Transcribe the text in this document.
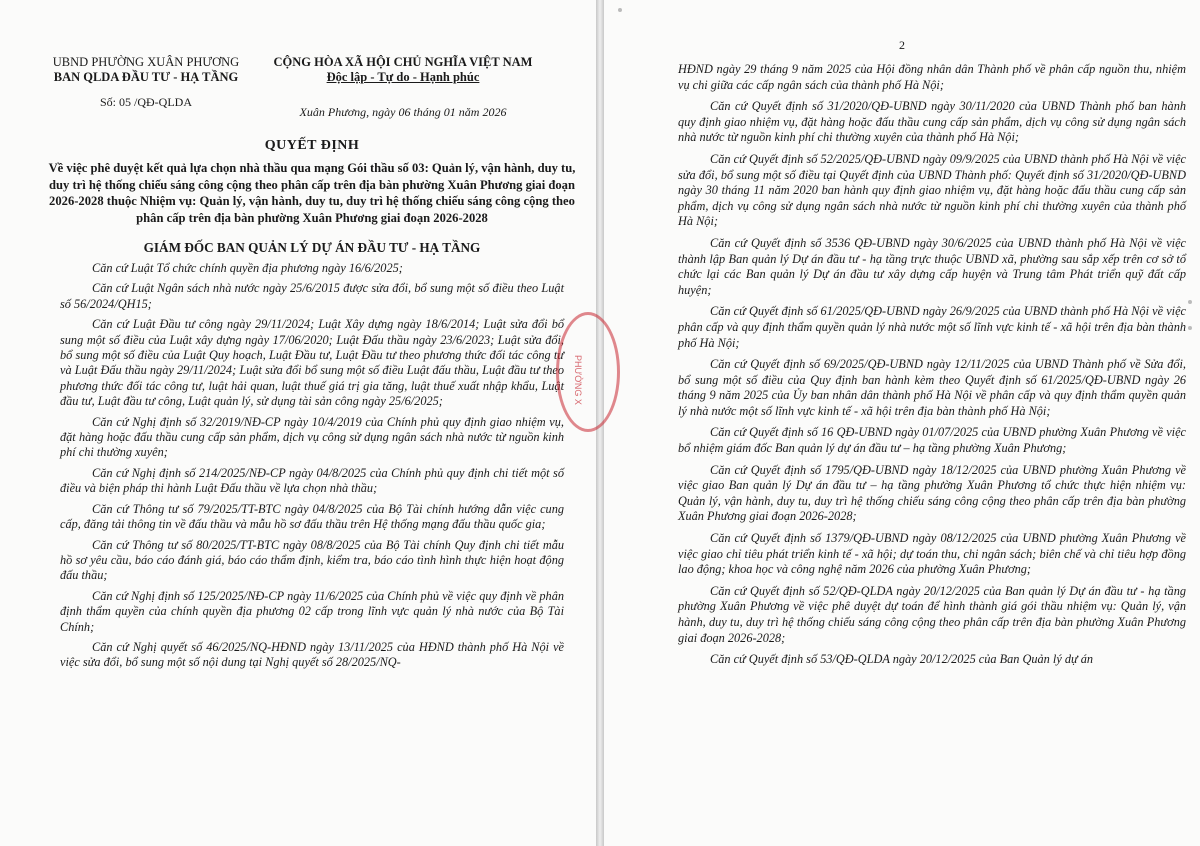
UBND PHƯỜNG XUÂN PHƯƠNG
BAN QLDA ĐẦU TƯ - HẠ TẦNG
Số: 05 /QĐ-QLDA
CỘNG HÒA XÃ HỘI CHỦ NGHĨA VIỆT NAM
Độc lập - Tự do - Hạnh phúc
Xuân Phương, ngày 06 tháng 01 năm 2026
QUYẾT ĐỊNH
Về việc phê duyệt kết quả lựa chọn nhà thầu qua mạng Gói thầu số 03: Quản lý, vận hành, duy tu, duy trì hệ thống chiếu sáng công cộng theo phân cấp trên địa bàn phường Xuân Phương giai đoạn 2026-2028 thuộc Nhiệm vụ: Quản lý, vận hành, duy tu, duy trì hệ thống chiếu sáng công cộng theo phân cấp trên địa bàn phường Xuân Phương giai đoạn 2026-2028
GIÁM ĐỐC BAN QUẢN LÝ DỰ ÁN ĐẦU TƯ - HẠ TẦNG

Căn cứ Luật Tổ chức chính quyền địa phương ngày 16/6/2025;

Căn cứ Luật Ngân sách nhà nước ngày 25/6/2015 được sửa đổi, bổ sung một số điều theo Luật số 56/2024/QH15;

Căn cứ Luật Đầu tư công ngày 29/11/2024; Luật Xây dựng ngày 18/6/2014; Luật sửa đổi bổ sung một số điều của Luật xây dựng ngày 17/06/2020; Luật Đấu thầu ngày 23/6/2023; Luật sửa đổi, bổ sung một số điều của Luật Quy hoạch, Luật Đầu tư, Luật Đầu tư theo phương thức đối tác công tư và Luật Đấu thầu ngày 29/11/2024; Luật sửa đổi bổ sung một số điều Luật đấu thầu, Luật đầu tư theo phương thức đối tác công tư, luật hải quan, luật thuế giá trị gia tăng, luật thuế xuất nhập khẩu, Luật đầu tư, Luật đầu tư công, Luật quản lý, sử dụng tài sản công ngày 25/6/2025;

Căn cứ Nghị định số 32/2019/NĐ-CP ngày 10/4/2019 của Chính phủ quy định giao nhiệm vụ, đặt hàng hoặc đấu thầu cung cấp sản phẩm, dịch vụ công sử dụng ngân sách nhà nước từ nguồn kinh phí chi thường xuyên;

Căn cứ Nghị định số 214/2025/NĐ-CP ngày 04/8/2025 của Chính phủ quy định chi tiết một số điều và biện pháp thi hành Luật Đấu thầu về lựa chọn nhà thầu;

Căn cứ Thông tư số 79/2025/TT-BTC ngày 04/8/2025 của Bộ Tài chính hướng dẫn việc cung cấp, đăng tải thông tin về đấu thầu và mẫu hồ sơ đấu thầu trên Hệ thống mạng đấu thầu quốc gia;

Căn cứ Thông tư số 80/2025/TT-BTC ngày 08/8/2025 của Bộ Tài chính Quy định chi tiết mẫu hồ sơ yêu cầu, báo cáo đánh giá, báo cáo thẩm định, kiểm tra, báo cáo tình hình thực hiện hoạt động đấu thầu;

Căn cứ Nghị định số 125/2025/NĐ-CP ngày 11/6/2025 của Chính phủ về việc quy định về phân định thẩm quyền của chính quyền địa phương 02 cấp trong lĩnh vực quản lý nhà nước của Bộ Tài Chính;

Căn cứ Nghị quyết số 46/2025/NQ-HĐND ngày 13/11/2025 của HĐND thành phố Hà Nội về việc sửa đổi, bổ sung một số nội dung tại Nghị quyết số 28/2025/NQ-

2

HĐND ngày 29 tháng 9 năm 2025 của Hội đồng nhân dân Thành phố về phân cấp nguồn thu, nhiệm vụ chi giữa các cấp ngân sách của thành phố Hà Nội;

Căn cứ Quyết định số 31/2020/QĐ-UBND ngày 30/11/2020 của UBND Thành phố ban hành quy định giao nhiệm vụ, đặt hàng hoặc đấu thầu cung cấp sản phẩm, dịch vụ công sử dụng ngân sách nhà nước từ nguồn kinh phí chi thường xuyên của thành phố Hà Nội;

Căn cứ Quyết định số 52/2025/QĐ-UBND ngày 09/9/2025 của UBND thành phố Hà Nội về việc sửa đổi, bổ sung một số điều tại Quyết định của UBND Thành phố: Quyết định số 31/2020/QĐ-UBND ngày 30 tháng 11 năm 2020 ban hành quy định giao nhiệm vụ, đặt hàng hoặc đấu thầu cung cấp sản phẩm, dịch vụ công sử dụng ngân sách nhà nước từ nguồn kinh phí chi thường xuyên của thành phố Hà Nội;

Căn cứ Quyết định số 3536 QĐ-UBND ngày 30/6/2025 của UBND thành phố Hà Nội về việc thành lập Ban quản lý Dự án đầu tư - hạ tầng trực thuộc UBND xã, phường sau sắp xếp trên cơ sở tổ chức lại các Ban quản lý Dự án đầu tư xây dựng cấp huyện và Trung tâm Phát triển quỹ đất cấp huyện;

Căn cứ Quyết định số 61/2025/QĐ-UBND ngày 26/9/2025 của UBND thành phố Hà Nội về việc phân cấp và quy định thẩm quyền quản lý nhà nước một số lĩnh vực kinh tế - xã hội trên địa bàn thành phố Hà Nội;

Căn cứ Quyết định số 69/2025/QĐ-UBND ngày 12/11/2025 của UBND Thành phố về Sửa đổi, bổ sung một số điều của Quy định ban hành kèm theo Quyết định số 61/2025/QĐ-UBND ngày 26 tháng 9 năm 2025 của Ủy ban nhân dân thành phố Hà Nội về phân cấp và quy định thẩm quyền quản lý nhà nước một số lĩnh vực kinh tế - xã hội trên địa bàn thành phố Hà Nội;

Căn cứ Quyết định số 16 QĐ-UBND ngày 01/07/2025 của UBND phường Xuân Phương về việc bổ nhiệm giám đốc Ban quản lý dự án đầu tư – hạ tầng phường Xuân Phương;

Căn cứ Quyết định số 1795/QĐ-UBND ngày 18/12/2025 của UBND phường Xuân Phương về việc giao Ban quản lý Dự án đầu tư – hạ tầng phường Xuân Phương tổ chức thực hiện nhiệm vụ: Quản lý, vận hành, duy tu, duy trì hệ thống chiếu sáng công cộng theo phân cấp trên địa bàn phường Xuân Phương giai đoạn 2026-2028;

Căn cứ Quyết định số 1379/QĐ-UBND ngày 08/12/2025 của UBND phường Xuân Phương về việc giao chỉ tiêu phát triển kinh tế - xã hội; dự toán thu, chi ngân sách; biên chế và chỉ tiêu hợp đồng lao động; khoa học và công nghệ năm 2026 của phường Xuân Phương;

Căn cứ Quyết định số 52/QĐ-QLDA ngày 20/12/2025 của Ban quản lý Dự án đầu tư - hạ tầng phường Xuân Phương về việc phê duyệt dự toán để hình thành giá gói thầu nhiệm vụ: Quản lý, vận hành, duy tu, duy trì hệ thống chiếu sáng công cộng theo phân cấp trên địa bàn phường Xuân Phương giai đoạn 2026-2028;

Căn cứ Quyết định số 53/QĐ-QLDA ngày 20/12/2025 của Ban Quản lý dự án

PHƯỜNG X
